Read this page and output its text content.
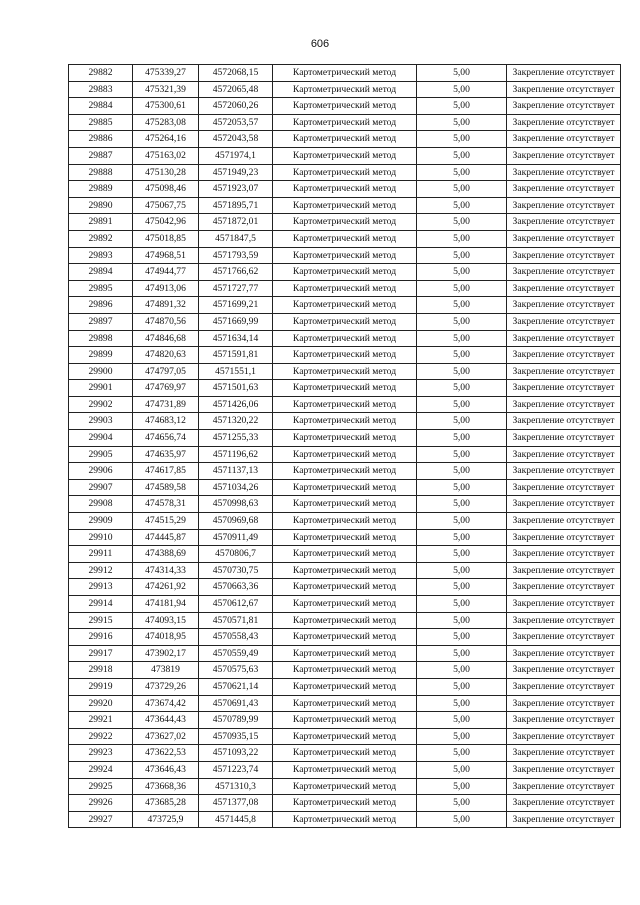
606
29882	475339,27	4572068,15	Картометрический метод	5,00	Закрепление отсутствует
29883	475321,39	4572065,48	Картометрический метод	5,00	Закрепление отсутствует
29884	475300,61	4572060,26	Картометрический метод	5,00	Закрепление отсутствует
29885	475283,08	4572053,57	Картометрический метод	5,00	Закрепление отсутствует
29886	475264,16	4572043,58	Картометрический метод	5,00	Закрепление отсутствует
29887	475163,02	4571974,1	Картометрический метод	5,00	Закрепление отсутствует
29888	475130,28	4571949,23	Картометрический метод	5,00	Закрепление отсутствует
29889	475098,46	4571923,07	Картометрический метод	5,00	Закрепление отсутствует
29890	475067,75	4571895,71	Картометрический метод	5,00	Закрепление отсутствует
29891	475042,96	4571872,01	Картометрический метод	5,00	Закрепление отсутствует
29892	475018,85	4571847,5	Картометрический метод	5,00	Закрепление отсутствует
29893	474968,51	4571793,59	Картометрический метод	5,00	Закрепление отсутствует
29894	474944,77	4571766,62	Картометрический метод	5,00	Закрепление отсутствует
29895	474913,06	4571727,77	Картометрический метод	5,00	Закрепление отсутствует
29896	474891,32	4571699,21	Картометрический метод	5,00	Закрепление отсутствует
29897	474870,56	4571669,99	Картометрический метод	5,00	Закрепление отсутствует
29898	474846,68	4571634,14	Картометрический метод	5,00	Закрепление отсутствует
29899	474820,63	4571591,81	Картометрический метод	5,00	Закрепление отсутствует
29900	474797,05	4571551,1	Картометрический метод	5,00	Закрепление отсутствует
29901	474769,97	4571501,63	Картометрический метод	5,00	Закрепление отсутствует
29902	474731,89	4571426,06	Картометрический метод	5,00	Закрепление отсутствует
29903	474683,12	4571320,22	Картометрический метод	5,00	Закрепление отсутствует
29904	474656,74	4571255,33	Картометрический метод	5,00	Закрепление отсутствует
29905	474635,97	4571196,62	Картометрический метод	5,00	Закрепление отсутствует
29906	474617,85	4571137,13	Картометрический метод	5,00	Закрепление отсутствует
29907	474589,58	4571034,26	Картометрический метод	5,00	Закрепление отсутствует
29908	474578,31	4570998,63	Картометрический метод	5,00	Закрепление отсутствует
29909	474515,29	4570969,68	Картометрический метод	5,00	Закрепление отсутствует
29910	474445,87	4570911,49	Картометрический метод	5,00	Закрепление отсутствует
29911	474388,69	4570806,7	Картометрический метод	5,00	Закрепление отсутствует
29912	474314,33	4570730,75	Картометрический метод	5,00	Закрепление отсутствует
29913	474261,92	4570663,36	Картометрический метод	5,00	Закрепление отсутствует
29914	474181,94	4570612,67	Картометрический метод	5,00	Закрепление отсутствует
29915	474093,15	4570571,81	Картометрический метод	5,00	Закрепление отсутствует
29916	474018,95	4570558,43	Картометрический метод	5,00	Закрепление отсутствует
29917	473902,17	4570559,49	Картометрический метод	5,00	Закрепление отсутствует
29918	473819	4570575,63	Картометрический метод	5,00	Закрепление отсутствует
29919	473729,26	4570621,14	Картометрический метод	5,00	Закрепление отсутствует
29920	473674,42	4570691,43	Картометрический метод	5,00	Закрепление отсутствует
29921	473644,43	4570789,99	Картометрический метод	5,00	Закрепление отсутствует
29922	473627,02	4570935,15	Картометрический метод	5,00	Закрепление отсутствует
29923	473622,53	4571093,22	Картометрический метод	5,00	Закрепление отсутствует
29924	473646,43	4571223,74	Картометрический метод	5,00	Закрепление отсутствует
29925	473668,36	4571310,3	Картометрический метод	5,00	Закрепление отсутствует
29926	473685,28	4571377,08	Картометрический метод	5,00	Закрепление отсутствует
29927	473725,9	4571445,8	Картометрический метод	5,00	Закрепление отсутствует
